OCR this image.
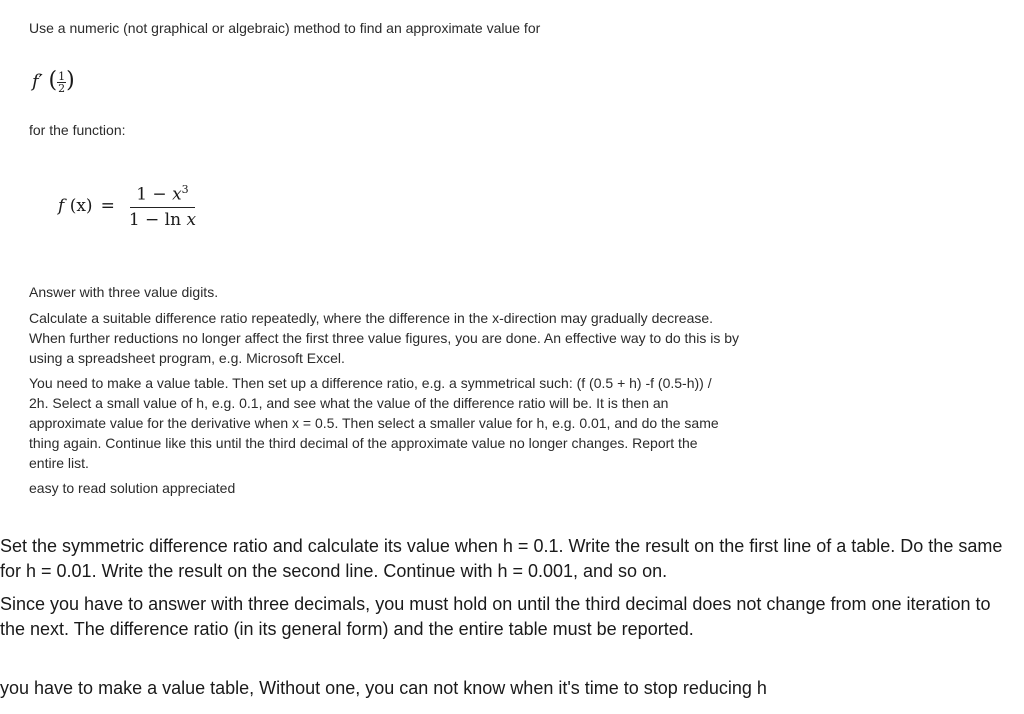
Use a numeric (not graphical or algebraic) method to find an approximate value for

f′ ( $\frac{1}{2}$ )

for the function:

f $(x) = \frac{1 - x^3}{\text{1 − ln x}}$

Answer with three value digits.

Calculate a suitable difference ratio repeatedly, where the difference in the x-direction may gradually decrease. When further reductions no longer affect the first three value figures, you are done. An effective way to do this is by using a spreadsheet program, e.g. Microsoft Excel.

You need to make a value table. Then set up a difference ratio, e.g. a symmetrical such: (f (0.5 + h) -f (0.5-h)) / 2h. Select a small value of h, e.g. 0.1, and see what the value of the difference ratio will be. It is then an approximate value for the derivative when x = 0.5. Then select a smaller value for h, e.g. 0.01, and do the same thing again. Continue like this until the third decimal of the approximate value no longer changes. Report the entire list.

easy to read solution appreciated

Set the symmetric difference ratio and calculate its value when h = 0.1. Write the result on the first line of a table. Do the same for h = 0.01. Write the result on the second line. Continue with h = 0.001, and so on.

Since you have to answer with three decimals, you must hold on until the third decimal does not change from one iteration to the next. The difference ratio (in its general form) and the entire table must be reported.

you have to make a value table, Without one, you can not know when it's time to stop reducing h
